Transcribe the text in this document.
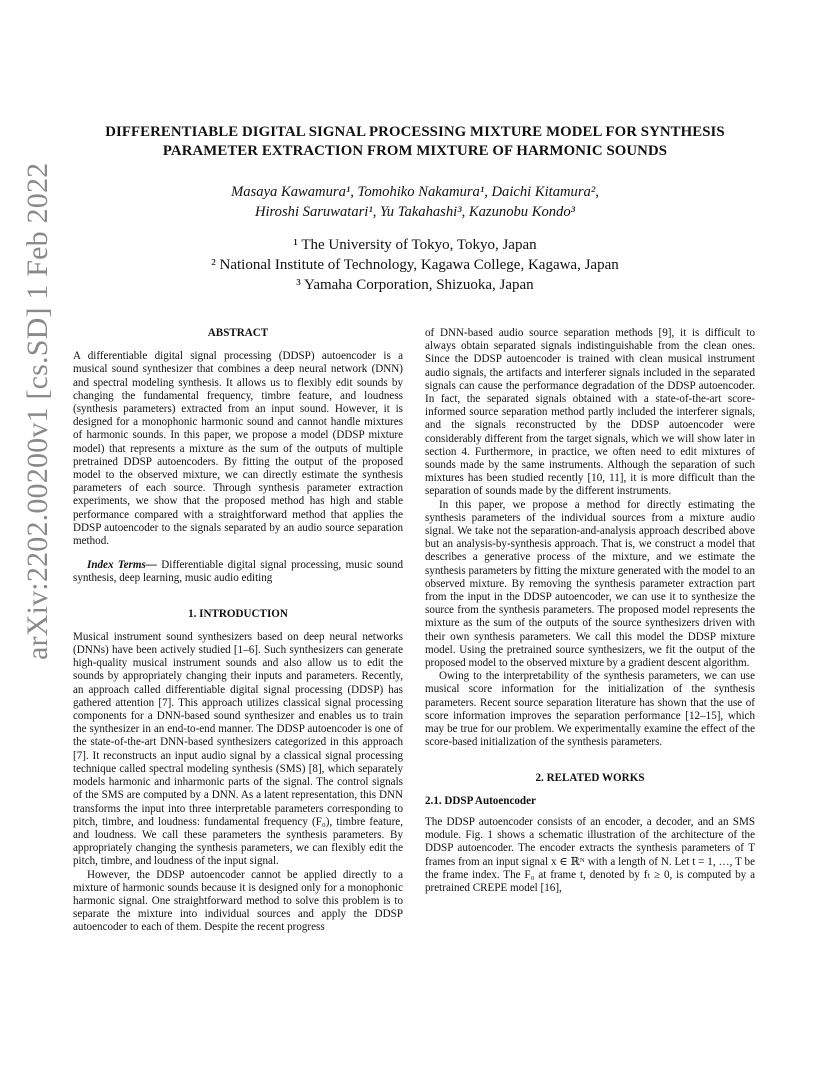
arXiv:2202.00200v1 [cs.SD] 1 Feb 2022
DIFFERENTIABLE DIGITAL SIGNAL PROCESSING MIXTURE MODEL FOR SYNTHESIS
PARAMETER EXTRACTION FROM MIXTURE OF HARMONIC SOUNDS
Masaya Kawamura¹, Tomohiko Nakamura¹, Daichi Kitamura²,
Hiroshi Saruwatari¹, Yu Takahashi³, Kazunobu Kondo³
¹ The University of Tokyo, Tokyo, Japan
² National Institute of Technology, Kagawa College, Kagawa, Japan
³ Yamaha Corporation, Shizuoka, Japan
ABSTRACT

A differentiable digital signal processing (DDSP) autoencoder is a musical sound synthesizer that combines a deep neural network (DNN) and spectral modeling synthesis. It allows us to flexibly edit sounds by changing the fundamental frequency, timbre feature, and loudness (synthesis parameters) extracted from an input sound. However, it is designed for a monophonic harmonic sound and cannot handle mixtures of harmonic sounds. In this paper, we propose a model (DDSP mixture model) that represents a mixture as the sum of the outputs of multiple pretrained DDSP autoencoders. By fitting the output of the proposed model to the observed mixture, we can directly estimate the synthesis parameters of each source. Through synthesis parameter extraction experiments, we show that the proposed method has high and stable performance compared with a straightforward method that applies the DDSP autoencoder to the signals separated by an audio source separation method.

Index Terms— Differentiable digital signal processing, music sound synthesis, deep learning, music audio editing

1. INTRODUCTION

Musical instrument sound synthesizers based on deep neural networks (DNNs) have been actively studied [1–6]. Such synthesizers can generate high-quality musical instrument sounds and also allow us to edit the sounds by appropriately changing their inputs and parameters. Recently, an approach called differentiable digital signal processing (DDSP) has gathered attention [7]. This approach utilizes classical signal processing components for a DNN-based sound synthesizer and enables us to train the synthesizer in an end-to-end manner. The DDSP autoencoder is one of the state-of-the-art DNN-based synthesizers categorized in this approach [7]. It reconstructs an input audio signal by a classical signal processing technique called spectral modeling synthesis (SMS) [8], which separately models harmonic and inharmonic parts of the signal. The control signals of the SMS are computed by a DNN. As a latent representation, this DNN transforms the input into three interpretable parameters corresponding to pitch, timbre, and loudness: fundamental frequency (F₀), timbre feature, and loudness. We call these parameters the synthesis parameters. By appropriately changing the synthesis parameters, we can flexibly edit the pitch, timbre, and loudness of the input signal.

However, the DDSP autoencoder cannot be applied directly to a mixture of harmonic sounds because it is designed only for a monophonic harmonic signal. One straightforward method to solve this problem is to separate the mixture into individual sources and apply the DDSP autoencoder to each of them. Despite the recent progress

of DNN-based audio source separation methods [9], it is difficult to always obtain separated signals indistinguishable from the clean ones. Since the DDSP autoencoder is trained with clean musical instrument audio signals, the artifacts and interferer signals included in the separated signals can cause the performance degradation of the DDSP autoencoder. In fact, the separated signals obtained with a state-of-the-art score-informed source separation method partly included the interferer signals, and the signals reconstructed by the DDSP autoencoder were considerably different from the target signals, which we will show later in section 4. Furthermore, in practice, we often need to edit mixtures of sounds made by the same instruments. Although the separation of such mixtures has been studied recently [10, 11], it is more difficult than the separation of sounds made by the different instruments.

In this paper, we propose a method for directly estimating the synthesis parameters of the individual sources from a mixture audio signal. We take not the separation-and-analysis approach described above but an analysis-by-synthesis approach. That is, we construct a model that describes a generative process of the mixture, and we estimate the synthesis parameters by fitting the mixture generated with the model to an observed mixture. By removing the synthesis parameter extraction part from the input in the DDSP autoencoder, we can use it to synthesize the source from the synthesis parameters. The proposed model represents the mixture as the sum of the outputs of the source synthesizers driven with their own synthesis parameters. We call this model the DDSP mixture model. Using the pretrained source synthesizers, we fit the output of the proposed model to the observed mixture by a gradient descent algorithm.

Owing to the interpretability of the synthesis parameters, we can use musical score information for the initialization of the synthesis parameters. Recent source separation literature has shown that the use of score information improves the separation performance [12–15], which may be true for our problem. We experimentally examine the effect of the score-based initialization of the synthesis parameters.

2. RELATED WORKS
2.1. DDSP Autoencoder

The DDSP autoencoder consists of an encoder, a decoder, and an SMS module. Fig. 1 shows a schematic illustration of the architecture of the DDSP autoencoder. The encoder extracts the synthesis parameters of T frames from an input signal x ∈ ℝᴺ with a length of N. Let t = 1, …, T be the frame index. The F₀ at frame t, denoted by fₜ ≥ 0, is computed by a pretrained CREPE model [16],
